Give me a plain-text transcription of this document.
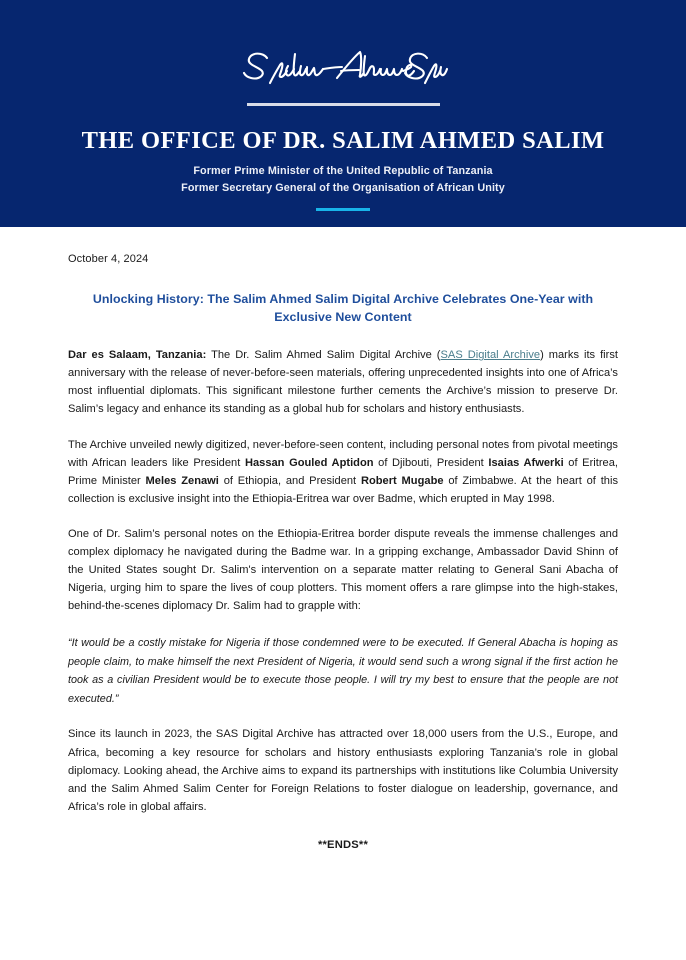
THE OFFICE OF DR. SALIM AHMED SALIM
Former Prime Minister of the United Republic of Tanzania
Former Secretary General of the Organisation of African Unity
October 4, 2024
Unlocking History: The Salim Ahmed Salim Digital Archive Celebrates One-Year with Exclusive New Content

Dar es Salaam, Tanzania: The Dr. Salim Ahmed Salim Digital Archive (SAS Digital Archive) marks its first anniversary with the release of never-before-seen materials, offering unprecedented insights into one of Africa’s most influential diplomats. This significant milestone further cements the Archive’s mission to preserve Dr. Salim’s legacy and enhance its standing as a global hub for scholars and history enthusiasts.

The Archive unveiled newly digitized, never-before-seen content, including personal notes from pivotal meetings with African leaders like President Hassan Gouled Aptidon of Djibouti, President Isaias Afwerki of Eritrea, Prime Minister Meles Zenawi of Ethiopia, and President Robert Mugabe of Zimbabwe. At the heart of this collection is exclusive insight into the Ethiopia-Eritrea war over Badme, which erupted in May 1998.

One of Dr. Salim’s personal notes on the Ethiopia-Eritrea border dispute reveals the immense challenges and complex diplomacy he navigated during the Badme war. In a gripping exchange, Ambassador David Shinn of the United States sought Dr. Salim's intervention on a separate matter relating to General Sani Abacha of Nigeria, urging him to spare the lives of coup plotters. This moment offers a rare glimpse into the high-stakes, behind-the-scenes diplomacy Dr. Salim had to grapple with:

“It would be a costly mistake for Nigeria if those condemned were to be executed. If General Abacha is hoping as people claim, to make himself the next President of Nigeria, it would send such a wrong signal if the first action he took as a civilian President would be to execute those people. I will try my best to ensure that the people are not executed.”

Since its launch in 2023, the SAS Digital Archive has attracted over 18,000 users from the U.S., Europe, and Africa, becoming a key resource for scholars and history enthusiasts exploring Tanzania’s role in global diplomacy. Looking ahead, the Archive aims to expand its partnerships with institutions like Columbia University and the Salim Ahmed Salim Center for Foreign Relations to foster dialogue on leadership, governance, and Africa’s role in global affairs.

**ENDS**
